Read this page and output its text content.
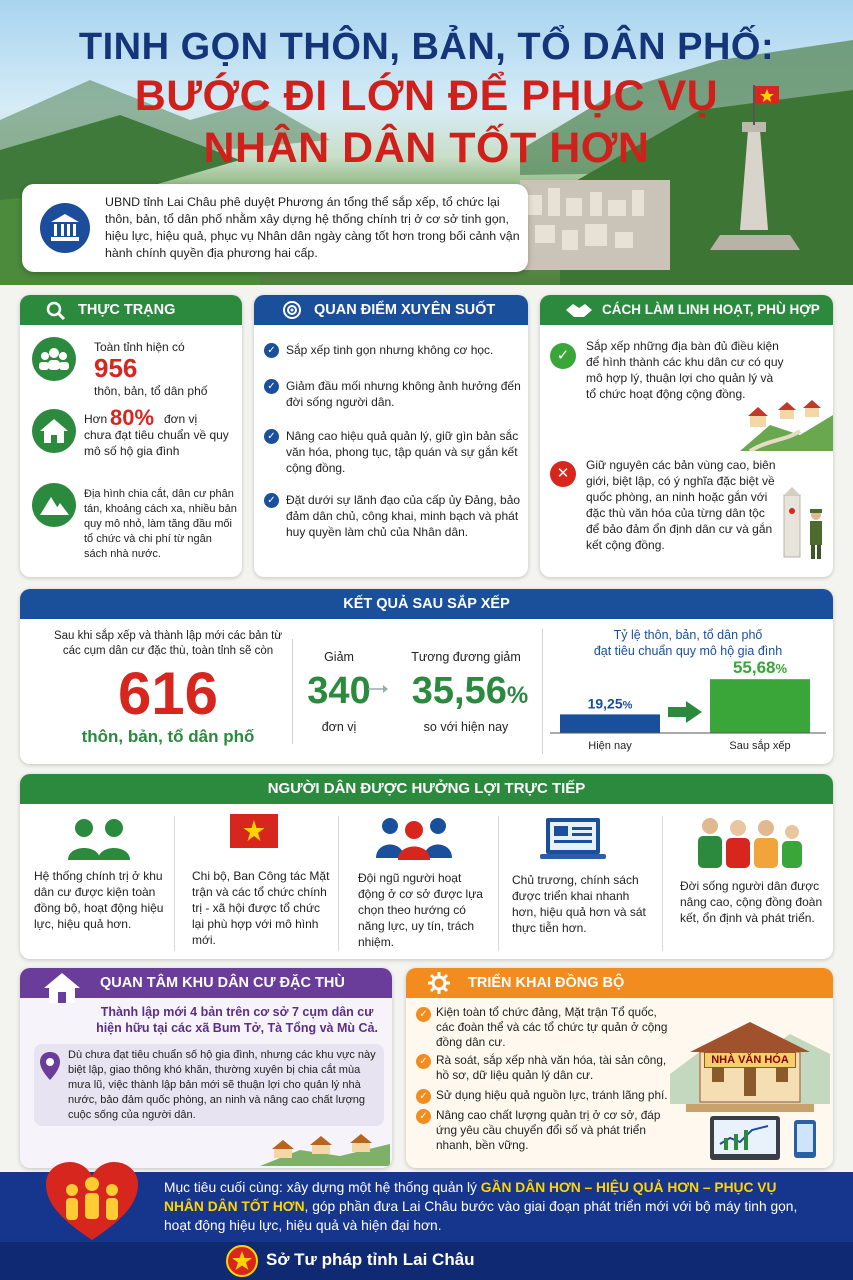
TINH GỌN THÔN, BẢN, TỔ DÂN PHỐ:
BƯỚC ĐI LỚN ĐỂ PHỤC VỤ
NHÂN DÂN TỐT HƠN

UBND tỉnh Lai Châu phê duyệt Phương án tổng thể sắp xếp, tổ chức lại thôn, bản, tổ dân phố nhằm xây dựng hệ thống chính trị ở cơ sở tinh gọn, hiệu lực, hiệu quả, phục vụ Nhân dân ngày càng tốt hơn trong bối cảnh vận hành chính quyền địa phương hai cấp.

THỰC TRẠNG
Toàn tỉnh hiện có
956
thôn, bản, tổ dân phố
Hơn 80% đơn vị
chưa đạt tiêu chuẩn về quy mô số hộ gia đình
Địa hình chia cắt, dân cư phân tán, khoảng cách xa, nhiều bản quy mô nhỏ, làm tăng đầu mối tổ chức và chi phí từ ngân sách nhà nước.
QUAN ĐIỂM XUYÊN SUỐT
✓ Sắp xếp tinh gọn nhưng không cơ học.
✓ Giảm đầu mối nhưng không ảnh hưởng đến đời sống người dân.
✓ Nâng cao hiệu quả quản lý, giữ gìn bản sắc văn hóa, phong tục, tập quán và sự gắn kết cộng đồng.
✓ Đặt dưới sự lãnh đạo của cấp ủy Đảng, bảo đảm dân chủ, công khai, minh bạch và phát huy quyền làm chủ của Nhân dân.
CÁCH LÀM LINH HOẠT, PHÙ HỢP
✓
Sắp xếp những địa bàn đủ điều kiện để hình thành các khu dân cư có quy mô hợp lý, thuận lợi cho quản lý và tổ chức hoạt động cộng đồng.
✕	Giữ nguyên các bản vùng cao, biên giới, biệt lập, có ý nghĩa đặc biệt về quốc phòng, an ninh hoặc gắn với đặc thù văn hóa của từng dân tộc để bảo đảm ổn định dân cư và gắn kết cộng đồng.
KẾT QUẢ SAU SẮP XẾP
Sau khi sắp xếp và thành lập mới các bản từ các cụm dân cư đặc thù, toàn tỉnh sẽ còn
616
thôn, bản, tổ dân phố
Giảm
340
đơn vị
Tương đương giảm
35,56%
so với hiện nay
Tỷ lệ thôn, bản, tổ dân phố
đạt tiêu chuẩn quy mô hộ gia đình
19,25%
Hiện nay
55,68%
Sau sắp xếp
NGƯỜI DÂN ĐƯỢC HƯỞNG LỢI TRỰC TIẾP
Hệ thống chính trị ở khu dân cư được kiện toàn đồng bộ, hoạt động hiệu lực, hiệu quả hơn.
Chi bộ, Ban Công tác Mặt trận và các tổ chức chính trị - xã hội được tổ chức lại phù hợp với mô hình mới.
Đội ngũ người hoạt động ở cơ sở được lựa chọn theo hướng có năng lực, uy tín, trách nhiệm.
Chủ trương, chính sách được triển khai nhanh hơn, hiệu quả hơn và sát thực tiễn hơn.
Đời sống người dân được nâng cao, cộng đồng đoàn kết, ổn định và phát triển.
QUAN TÂM KHU DÂN CƯ ĐẶC THÙ
Thành lập mới 4 bản trên cơ sở 7 cụm dân cư hiện hữu tại các xã Bum Tở, Tà Tổng và Mù Cả.
Dù chưa đạt tiêu chuẩn số hộ gia đình, nhưng các khu vực này biệt lập, giao thông khó khăn, thường xuyên bị chia cắt mùa mưa lũ, việc thành lập bản mới sẽ thuận lợi cho quản lý nhà nước, bảo đảm quốc phòng, an ninh và nâng cao chất lượng cuộc sống của người dân.
TRIỂN KHAI ĐỒNG BỘ
✓ Kiện toàn tổ chức đảng, Mặt trận Tổ quốc, các đoàn thể và các tổ chức tự quản ở cộng đồng dân cư.
✓ Rà soát, sắp xếp nhà văn hóa, tài sản công, hồ sơ, dữ liệu quản lý dân cư.
✓ Sử dụng hiệu quả nguồn lực, tránh lãng phí.
✓ Nâng cao chất lượng quản trị ở cơ sở, đáp ứng yêu cầu chuyển đổi số và phát triển nhanh, bền vững.
NHÀ VĂN HÓA
Mục tiêu cuối cùng: xây dựng một hệ thống quản lý GẦN DÂN HƠN – HIỆU QUẢ HƠN – PHỤC VỤ NHÂN DÂN TỐT HƠN, góp phần đưa Lai Châu bước vào giai đoạn phát triển mới với bộ máy tinh gọn, hoạt động hiệu lực, hiệu quả và hiện đại hơn.
Sở Tư pháp tỉnh Lai Châu
